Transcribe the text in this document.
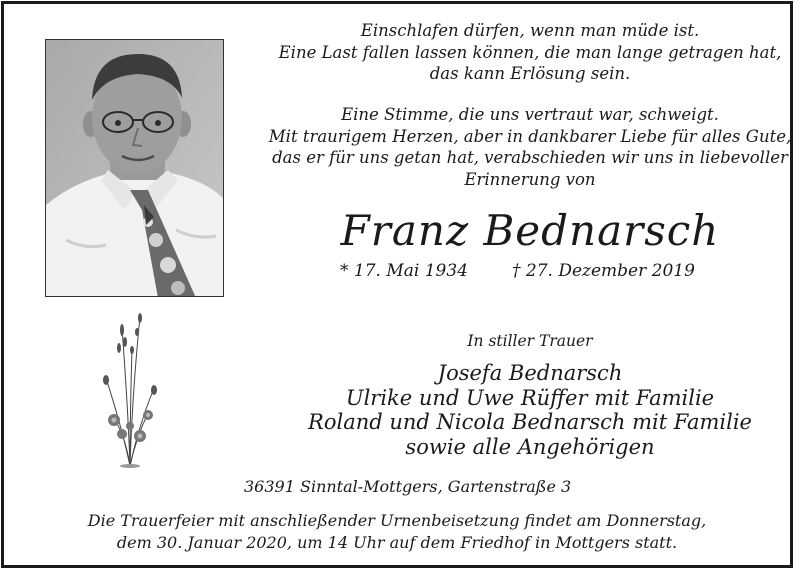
Einschlafen dürfen, wenn man müde ist.
Eine Last fallen lassen können, die man lange getragen hat,
das kann Erlösung sein.
Eine Stimme, die uns vertraut war, schweigt.
Mit traurigem Herzen, aber in dankbarer Liebe für alles Gute,
das er für uns getan hat, verabschieden wir uns in liebevoller
Erinnerung von
Franz Bednarsch
* 17. Mai 1934	† 27. Dezember 2019
In stiller Trauer
Josefa Bednarsch
Ulrike und Uwe Rüffer mit Familie
Roland und Nicola Bednarsch mit Familie
sowie alle Angehörigen
36391 Sinntal-Mottgers, Gartenstraße 3
Die Trauerfeier mit anschließender Urnenbeisetzung findet am Donnerstag,
dem 30. Januar 2020, um 14 Uhr auf dem Friedhof in Mottgers statt.
